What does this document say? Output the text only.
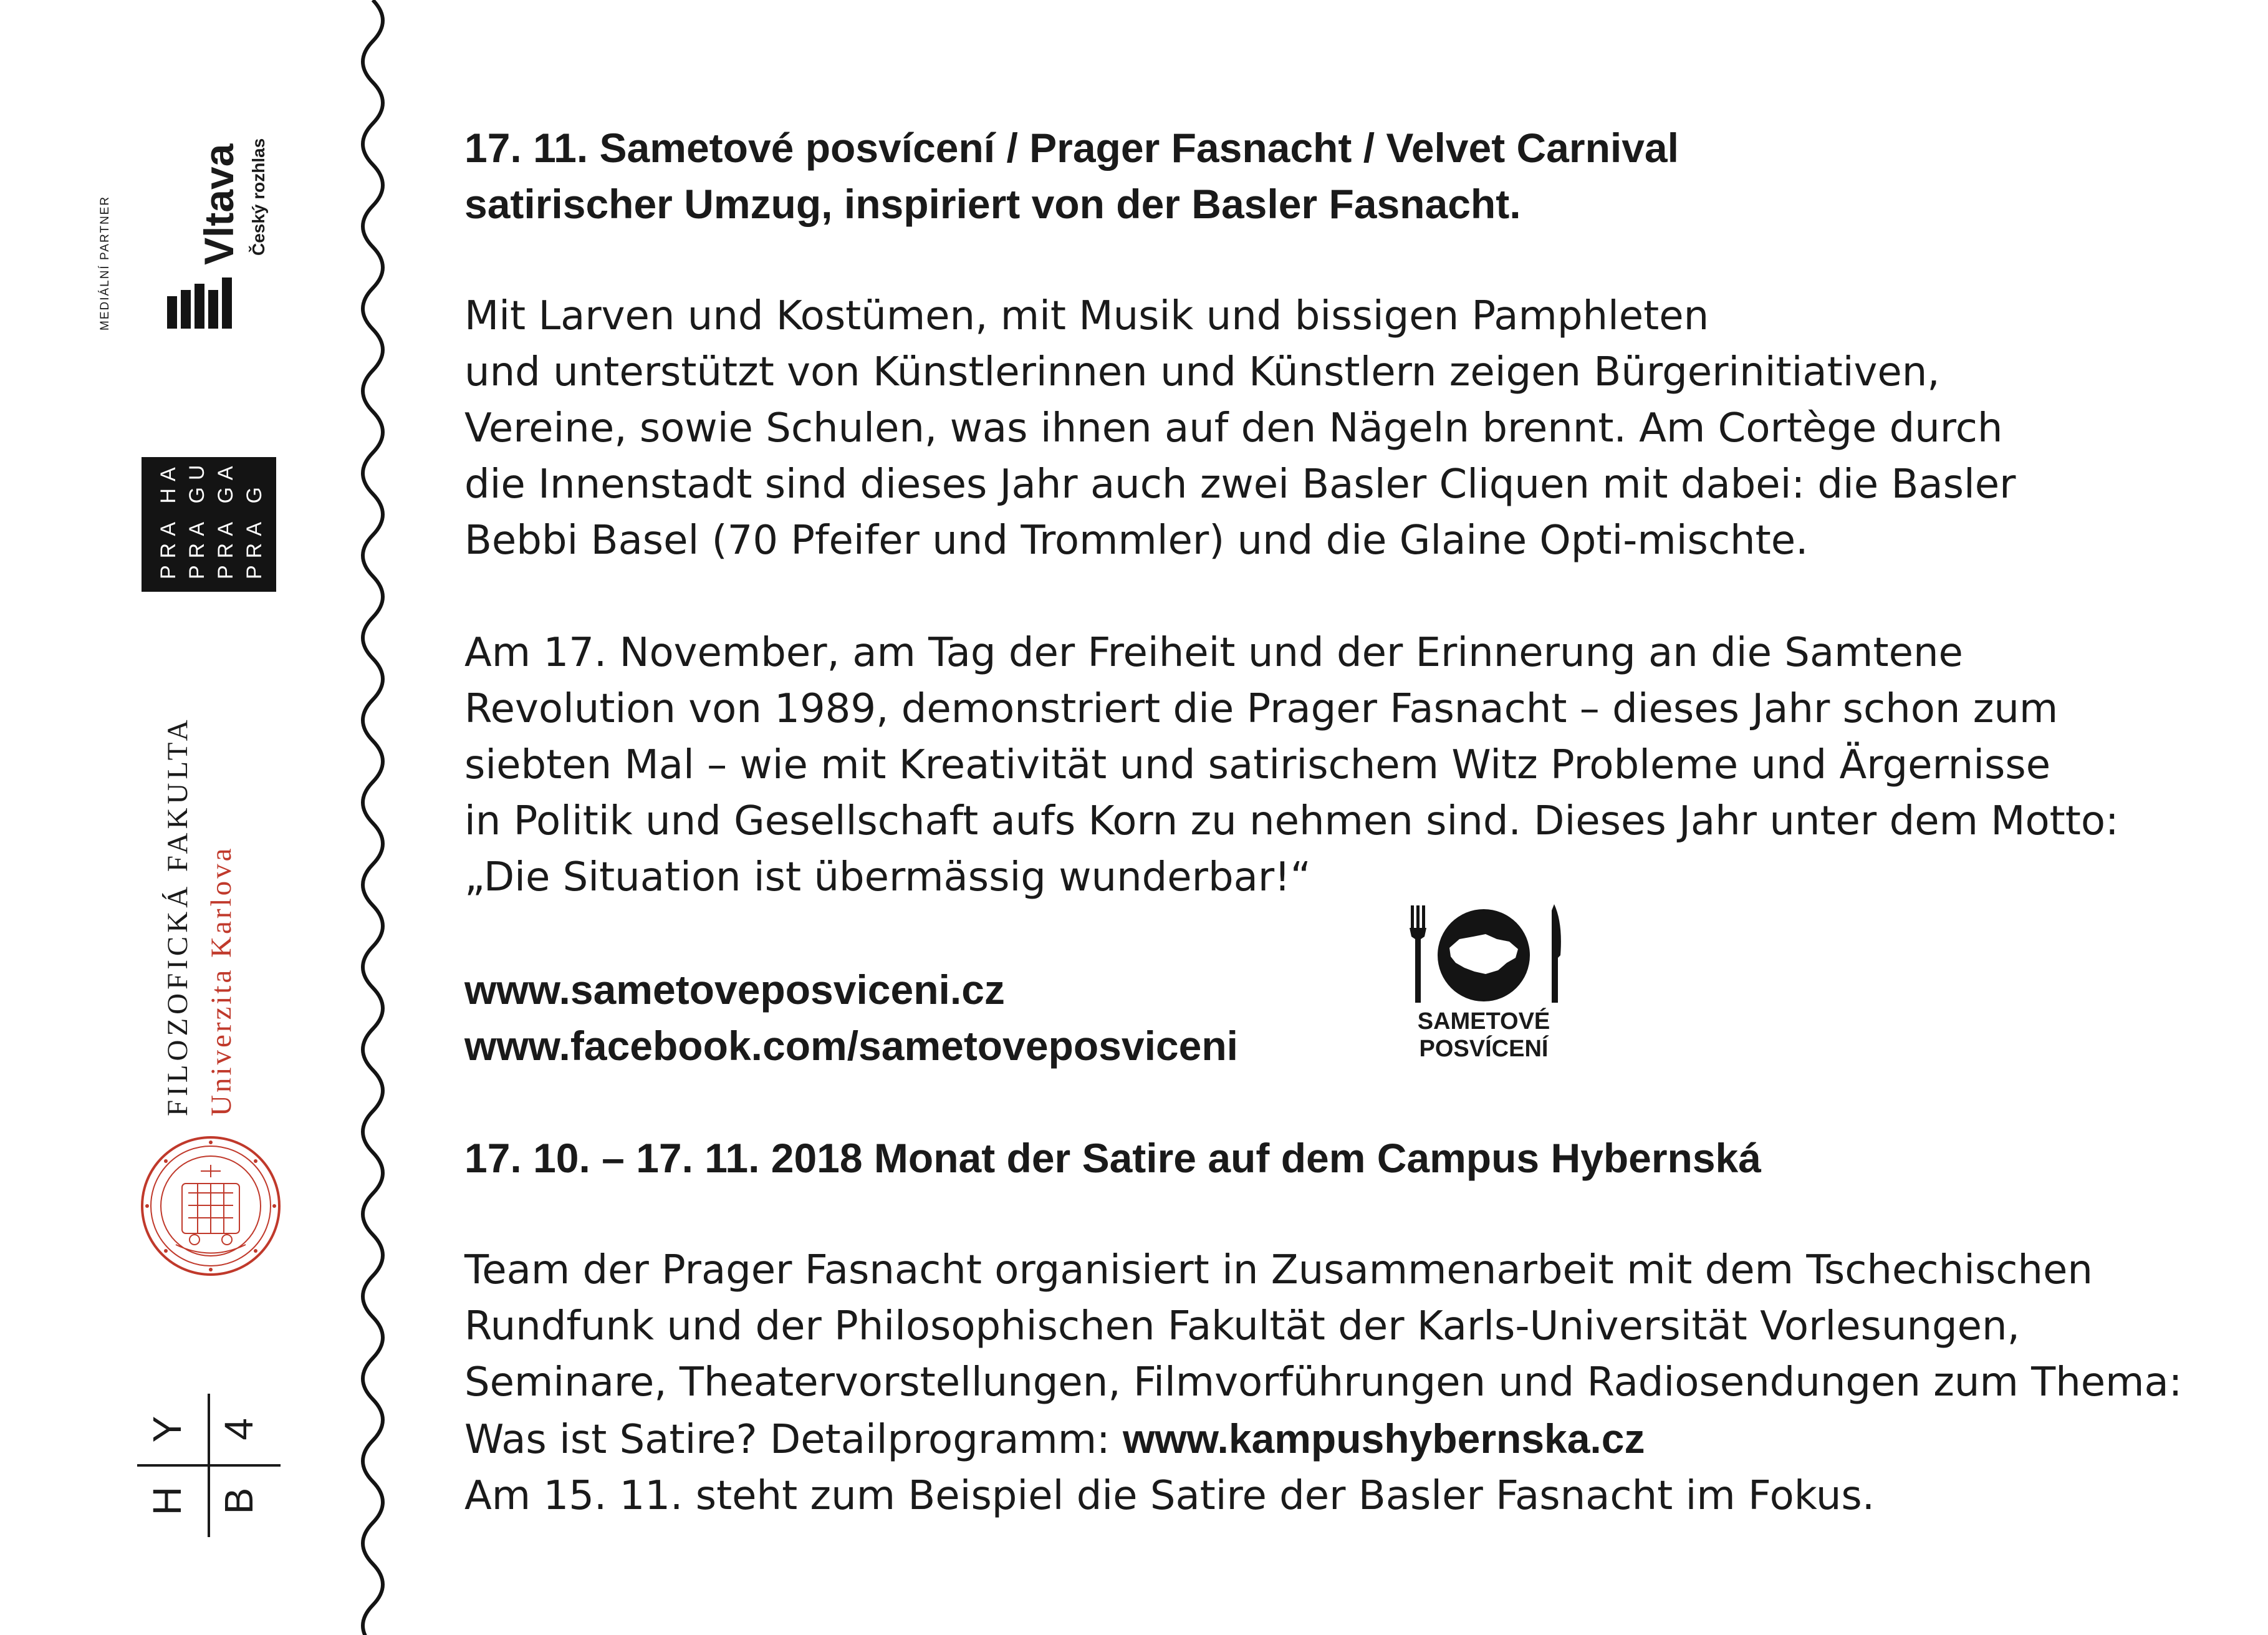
MEDIÁLNÍ PARTNER Vltava Český rozhlas
PRA HA PRA GUE PRA GA PRA G
FILOZOFICKÁ FAKULTA Univerzita Karlova
H
Y
B
4

17. 11. Sametové posvícení / Prager Fasnacht / Velvet Carnival

satirischer Umzug, inspiriert von der Basler Fasnacht.

Mit Larven und Kostümen, mit Musik und bissigen Pamphleten

und unterstützt von Künstlerinnen und Künstlern zeigen Bürgerinitiativen,

Vereine, sowie Schulen, was ihnen auf den Nägeln brennt. Am Cortège durch

die Innenstadt sind dieses Jahr auch zwei Basler Cliquen mit dabei: die Basler

Bebbi Basel (70 Pfeifer und Trommler) und die Glaine Opti-mischte.

Am 17. November, am Tag der Freiheit und der Erinnerung an die Samtene

Revolution von 1989, demonstriert die Prager Fasnacht – dieses Jahr schon zum

siebten Mal – wie mit Kreativität und satirischem Witz Probleme und Ärgernisse

in Politik und Gesellschaft aufs Korn zu nehmen sind. Dieses Jahr unter dem Motto:

„Die Situation ist übermässig wunderbar!“

www.sametoveposviceni.cz

www.facebook.com/sametoveposviceni

17. 10. – 17. 11. 2018 Monat der Satire auf dem Campus Hybernská

Team der Prager Fasnacht organisiert in Zusammenarbeit mit dem Tschechischen

Rundfunk und der Philosophischen Fakultät der Karls-Universität Vorlesungen,

Seminare, Theatervorstellungen, Filmvorführungen und Radiosendungen zum Thema:

Was ist Satire? Detailprogramm: www.kampushybernska.cz

Am 15. 11. steht zum Beispiel die Satire der Basler Fasnacht im Fokus.

SAMETOVÉ
POSVÍCENÍ
